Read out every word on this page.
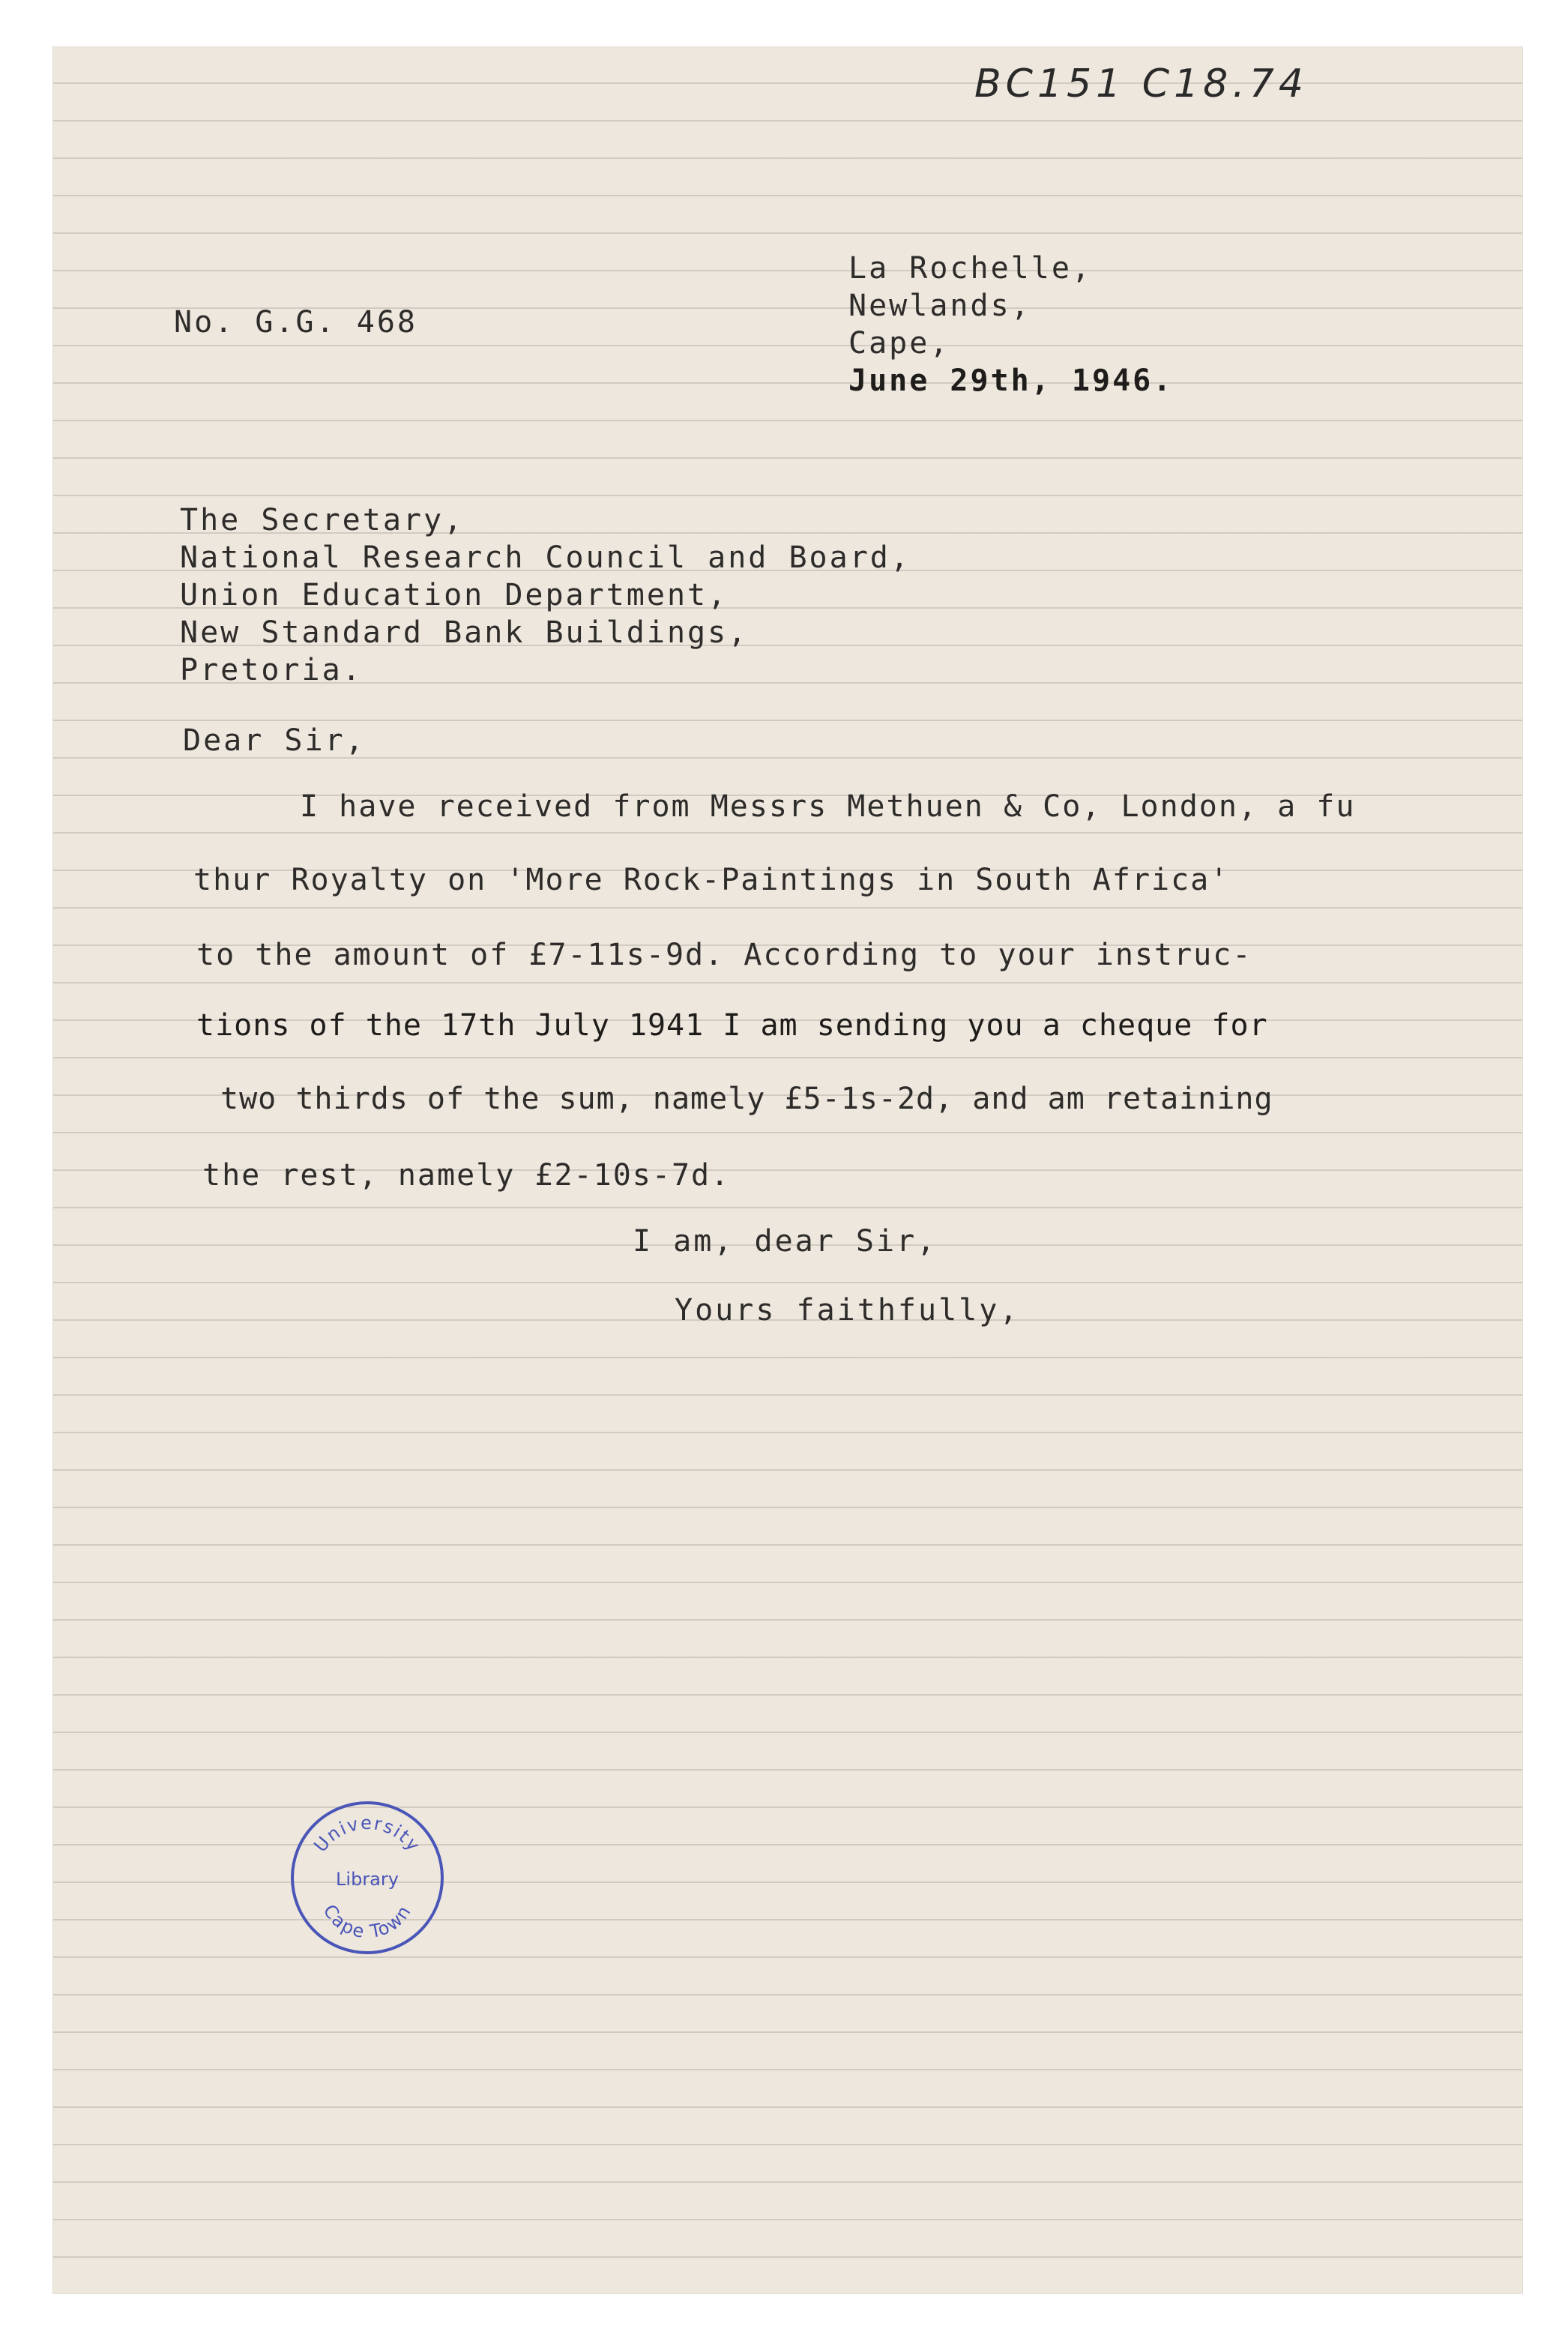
BC151 C18.74
No. G.G. 468
La Rochelle,
Newlands,
Cape,
June 29th, 1946.
The Secretary,
National Research Council and Board,
Union Education Department,
New Standard Bank Buildings,
Pretoria.
Dear Sir,
I have received from Messrs Methuen & Co, London, a fu
thur Royalty on 'More Rock-Paintings in South Africa'
to the amount of £7-11s-9d. According to your instruc-
tions of the 17th July 1941 I am sending you a cheque for
two thirds of the sum, namely £5-1s-2d, and am retaining
the rest, namely £2-10s-7d.
I am, dear Sir,
Yours faithfully,
University
Library
Cape Town
